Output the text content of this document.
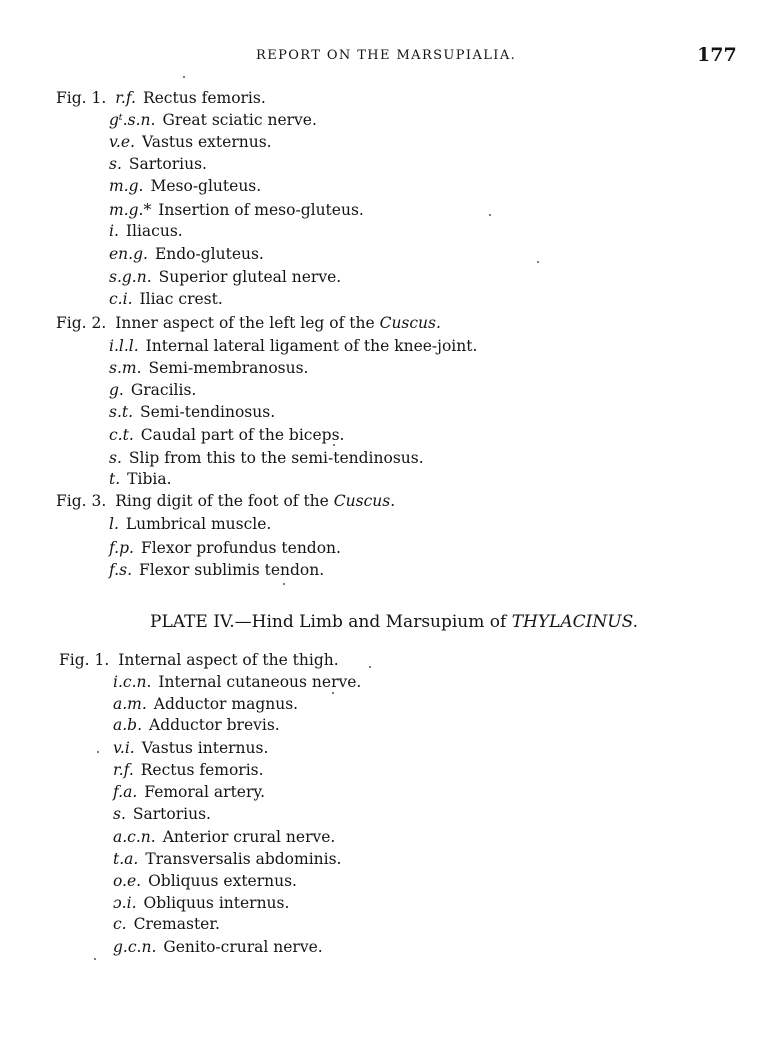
REPORT ON THE MARSUPIALIA.	177
Fig. 1. r.f. Rectus femoris.
gᵗ.s.n. Great sciatic nerve.
v.e. Vastus externus.
s. Sartorius.
m.g. Meso-gluteus.
m.g.* Insertion of meso-gluteus.
i. Iliacus.
en.g. Endo-gluteus.
s.g.n. Superior gluteal nerve.
c.i. Iliac crest.
Fig. 2. Inner aspect of the left leg of the Cuscus.
i.l.l. Internal lateral ligament of the knee-joint.
s.m. Semi-membranosus.
g. Gracilis.
s.t. Semi-tendinosus.
c.t. Caudal part of the biceps.
s. Slip from this to the semi-tendinosus.
t. Tibia.
Fig. 3. Ring digit of the foot of the Cuscus.
l. Lumbrical muscle.
f.p. Flexor profundus tendon.
f.s. Flexor sublimis tendon.
PLATE IV.—Hind Limb and Marsupium of THYLACINUS.
Fig. 1. Internal aspect of the thigh.
i.c.n. Internal cutaneous nerve.
a.m. Adductor magnus.
a.b. Adductor brevis.
v.i. Vastus internus.
r.f. Rectus femoris.
f.a. Femoral artery.
s. Sartorius.
a.c.n. Anterior crural nerve.
t.a. Transversalis abdominis.
o.e. Obliquus externus.
ɔ.i. Obliquus internus.
c. Cremaster.
g.c.n. Genito-crural nerve.
